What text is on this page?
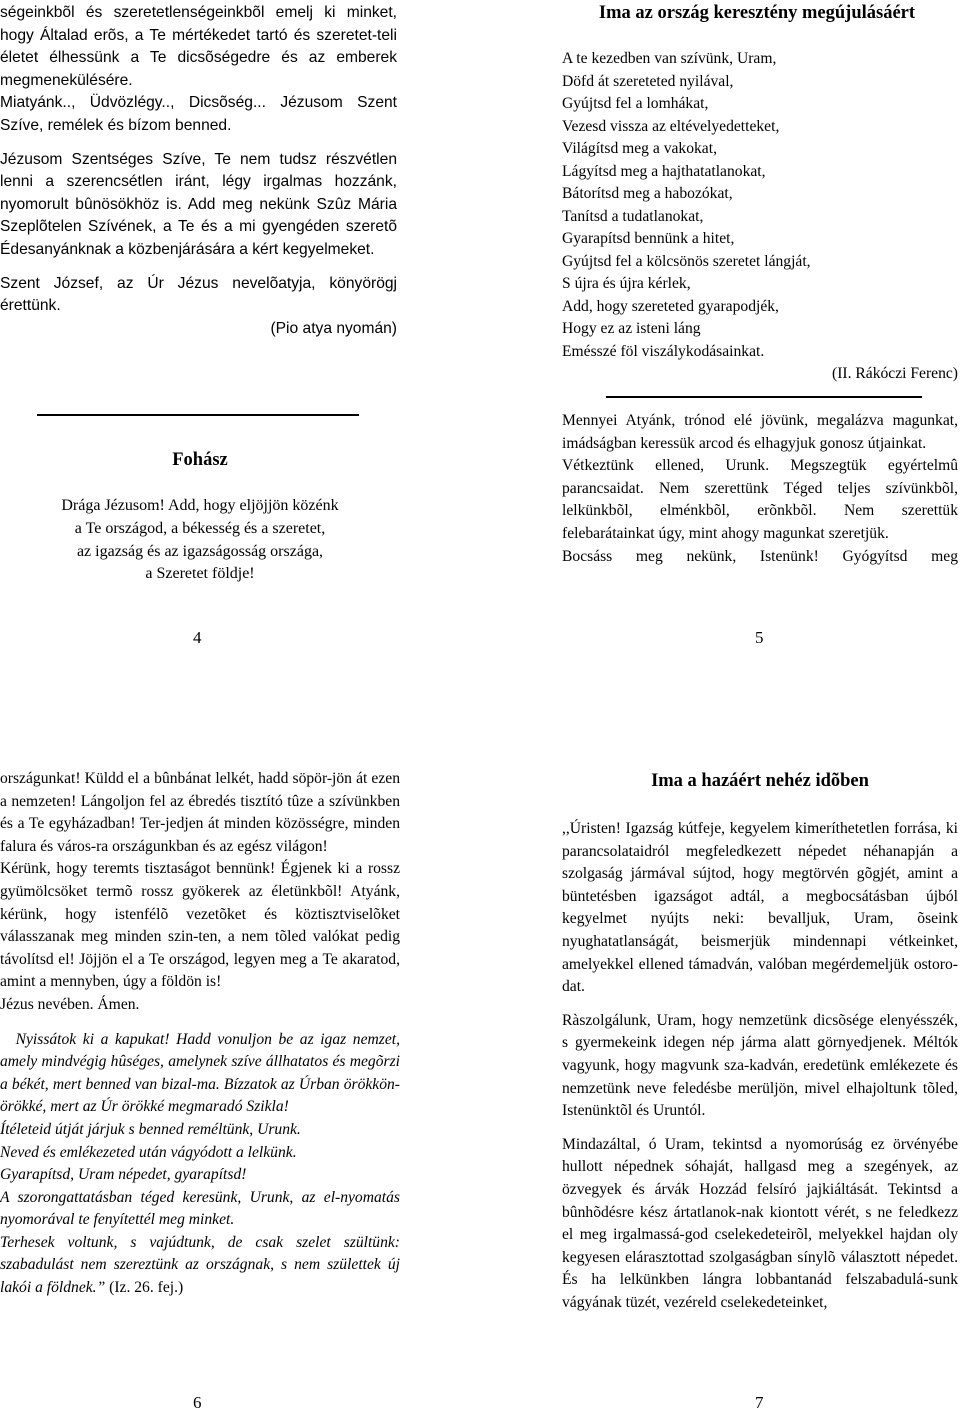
ségeinkbõl és szeretetlenségeinkbõl emelj ki minket, hogy Általad erõs, a Te mértékedet tartó és szeretet-teli életet élhessünk a Te dicsõségedre és az emberek megmenekülésére.

Miatyánk.., Üdvözlégy.., Dicsõség... Jézusom Szent Szíve, remélek és bízom benned.

Jézusom Szentséges Szíve, Te nem tudsz részvétlen lenni a szerencsétlen iránt, légy irgalmas hozzánk, nyomorult bûnösökhöz is. Add meg nekünk Szûz Mária Szeplõtelen Szívének, a Te és a mi gyengéden szeretõ Édesanyánknak a közbenjárására a kért kegyelmeket.

Szent József, az Úr Jézus nevelõatyja, könyörögj érettünk.

(Pio atya nyomán)

Fohász
Drága Jézusom! Add, hogy eljöjjön közénk
a Te országod, a békesség és a szeretet,
az igazság és az igazságosság országa,
a Szeretet földje!
4
Ima az ország keresztény megújulásáért
A te kezedben van szívünk, Uram,
Döfd át szereteted nyilával,
Gyújtsd fel a lomhákat,
Vezesd vissza az eltévelyedetteket,
Világítsd meg a vakokat,
Lágyítsd meg a hajthatatlanokat,
Bátorítsd meg a habozókat,
Tanítsd a tudatlanokat,
Gyarapítsd bennünk a hitet,
Gyújtsd fel a kölcsönös szeretet lángját,
S újra és újra kérlek,
Add, hogy szereteted gyarapodjék,
Hogy ez az isteni láng
Emésszé föl viszálykodásainkat.

(II. Rákóczi Ferenc)

Mennyei Atyánk, trónod elé jövünk, megalázva magunkat, imádságban keressük arcod és elhagyjuk gonosz útjainkat.

Vétkeztünk ellened, Urunk. Megszegtük egyértelmû parancsaidat. Nem szerettünk Téged teljes szívünkbõl, lelkünkbõl, elménkbõl, erõnkbõl. Nem szerettük felebarátainkat úgy, mint ahogy magunkat szeretjük.

Bocsáss meg nekünk, Istenünk! Gyógyítsd meg

5

országunkat! Küldd el a bûnbánat lelkét, hadd söpör-jön át ezen a nemzeten! Lángoljon fel az ébredés tisztító tûze a szívünkben és a Te egyházadban! Ter-jedjen át minden közösségre, minden falura és város-ra országunkban és az egész világon!

Kérünk, hogy teremts tisztaságot bennünk! Égjenek ki a rossz gyümölcsöket termõ rossz gyökerek az életünkbõl! Atyánk, kérünk, hogy istenfélõ vezetõket és köztisztviselõket válasszanak meg minden szin-ten, a nem tõled valókat pedig távolítsd el! Jöjjön el a Te országod, legyen meg a Te akaratod, amint a mennyben, úgy a földön is!

Jézus nevében. Ámen.

Nyissátok ki a kapukat! Hadd vonuljon be az igaz nemzet, amely mindvégig hûséges, amelynek szíve állhatatos és megõrzi a békét, mert benned van bizal-ma. Bízzatok az Úrban örökkön-örökké, mert az Úr örökké megmaradó Szikla!

Ítéleteid útját járjuk s benned reméltünk, Urunk.

Neved és emlékezeted után vágyódott a lelkünk.

Gyarapítsd, Uram népedet, gyarapítsd!

A szorongattatásban téged keresünk, Urunk, az el-nyomatás nyomorával te fenyítettél meg minket.

Terhesek voltunk, s vajúdtunk, de csak szelet szültünk: szabadulást nem szereztünk az országnak, s nem születtek új lakói a földnek.” (Iz. 26. fej.)

6
Ima a hazáért nehéz idõben

,,Úristen! Igazság kútfeje, kegyelem kimeríthetetlen forrása, ki parancsolataidról megfeledkezett népedet néhanapján a szolgaság jármával sújtod, hogy megtörvén gõgjét, amint a büntetésben igazságot adtál, a megbocsátásban újból kegyelmet nyújts neki: bevalljuk, Uram, õseink nyughatatlanságát, beismerjük mindennapi vétkeinket, amelyekkel ellened támadván, valóban megérdemeljük ostoro-dat.

Ràszolgálunk, Uram, hogy nemzetünk dicsõsége elenyésszék, s gyermekeink idegen nép járma alatt görnyedjenek. Méltók vagyunk, hogy magvunk sza-kadván, eredetünk emlékezete és nemzetünk neve feledésbe merüljön, mivel elhajoltunk tõled, Istenünktõl és Uruntól.

Mindazáltal, ó Uram, tekintsd a nyomorúság ez örvényébe hullott népednek sóhaját, hallgasd meg a szegények, az özvegyek és árvák Hozzád felsíró jajkiáltását. Tekintsd a bûnhõdésre kész ártatlanok-nak kiontott vérét, s ne feledkezz el meg irgalmassá-god cselekedeteirõl, melyekkel hajdan oly kegyesen elárasztottad szolgaságban sínylõ választott népedet. És ha lelkünkben lángra lobbantanád felszabadulá-sunk vágyának tüzét, vezéreld cselekedeteinket,

7
